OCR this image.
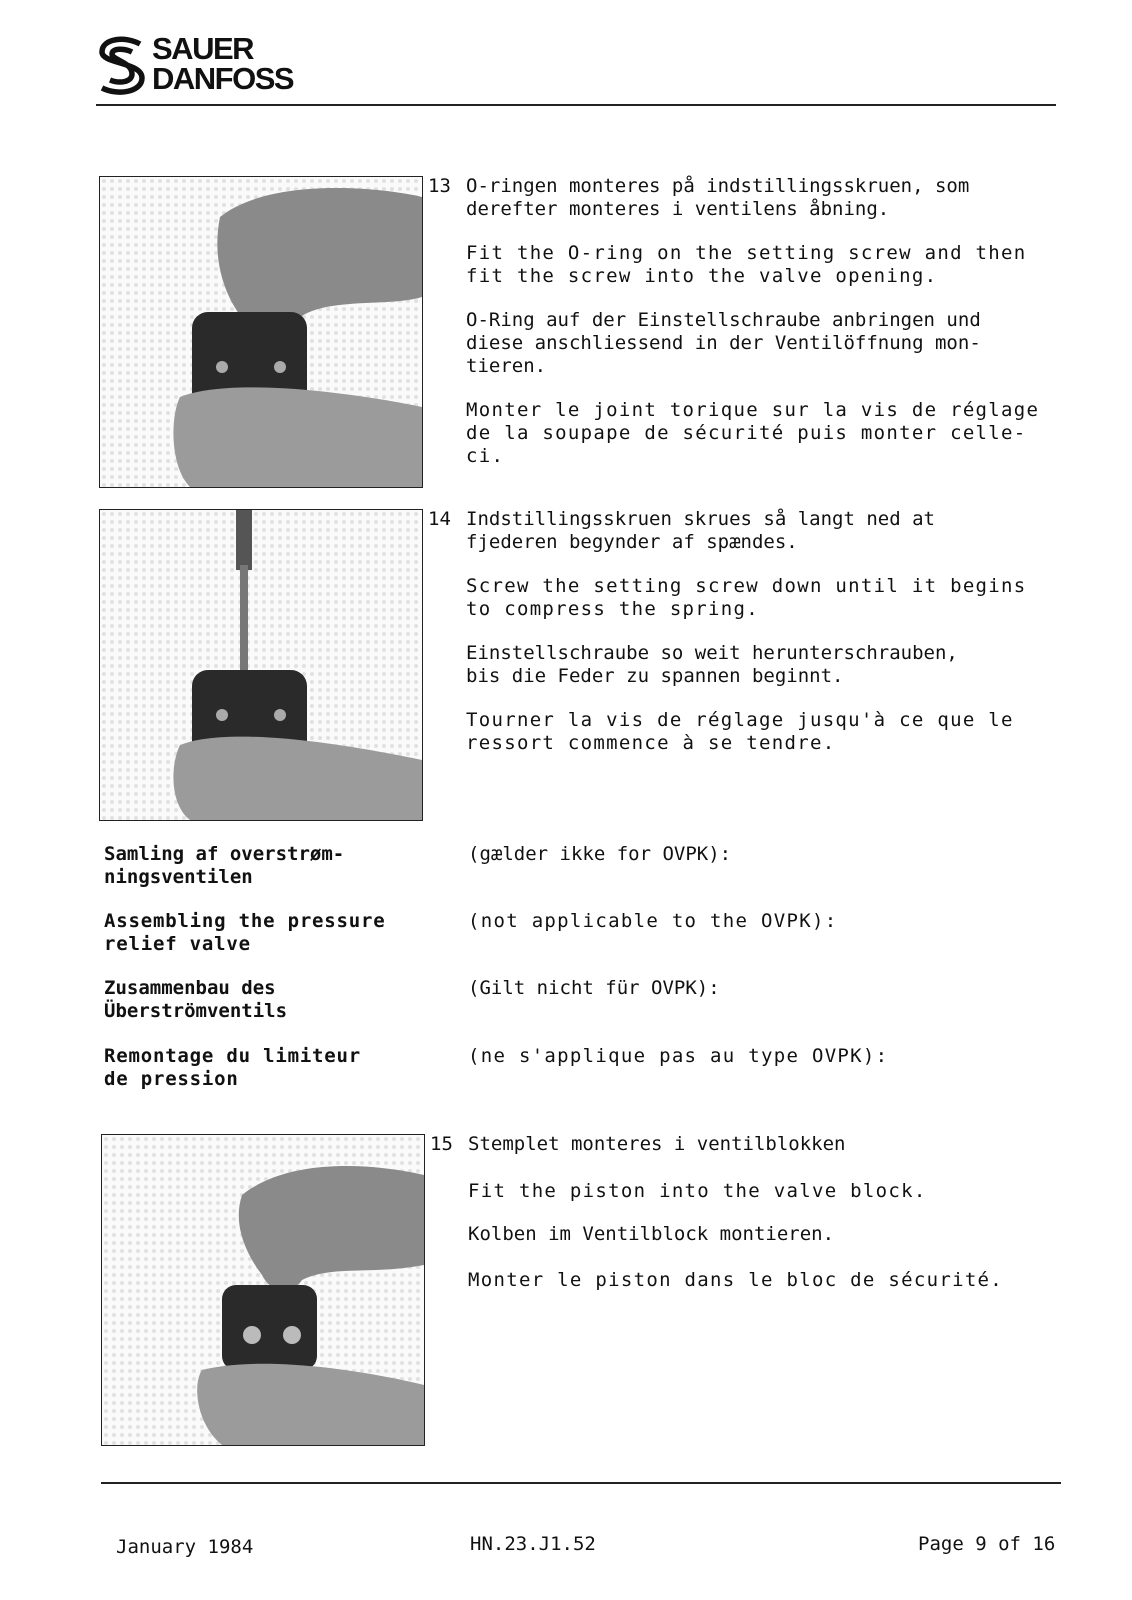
SAUER
DANFOSS
13 O-ringen monteres på indstillingsskruen, som
derefter monteres i ventilens åbning.

Fit the O-ring on the setting screw and then
fit the screw into the valve opening.

O-Ring auf der Einstellschraube anbringen und
diese anschliessend in der Ventilöffnung mon-
tieren.

Monter le joint torique sur la vis de réglage
de la soupape de sécurité puis monter celle-
ci.

14 Indstillingsskruen skrues så langt ned at
fjederen begynder af spændes.

Screw the setting screw down until it begins
to compress the spring.

Einstellschraube so weit herunterschrauben,
bis die Feder zu spannen beginnt.

Tourner la vis de réglage jusqu'à ce que le
ressort commence à se tendre.

Samling af overstrøm-
ningsventilen
Assembling the pressure
relief valve
Zusammenbau des
Überströmventils
Remontage du limiteur
de pression
(gælder ikke for OVPK):
(not applicable to the OVPK):
(Gilt nicht für OVPK):
(ne s'applique pas au type OVPK):
15 Stemplet monteres i ventilblokken

Fit the piston into the valve block.

Kolben im Ventilblock montieren.

Monter le piston dans le bloc de sécurité.

January 1984	HN.23.J1.52	Page 9 of 16
